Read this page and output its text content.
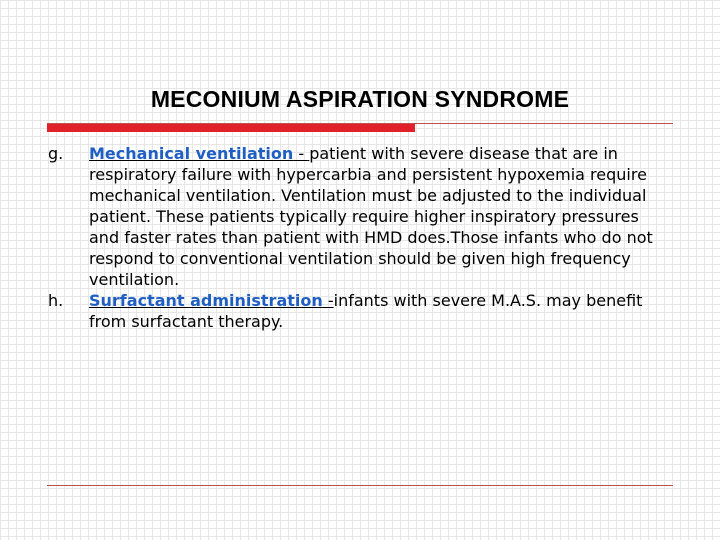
MECONIUM ASPIRATION SYNDROME
g.	Mechanical ventilation - patient with severe disease that are in respiratory failure with hypercarbia and persistent hypoxemia require mechanical ventilation. Ventilation must be adjusted to the individual patient. These patients typically require higher inspiratory pressures and faster rates than patient with HMD does.Those infants who do not respond to conventional ventilation should be given high frequency ventilation.
h.	Surfactant administration -infants with severe M.A.S. may benefit from surfactant therapy.
